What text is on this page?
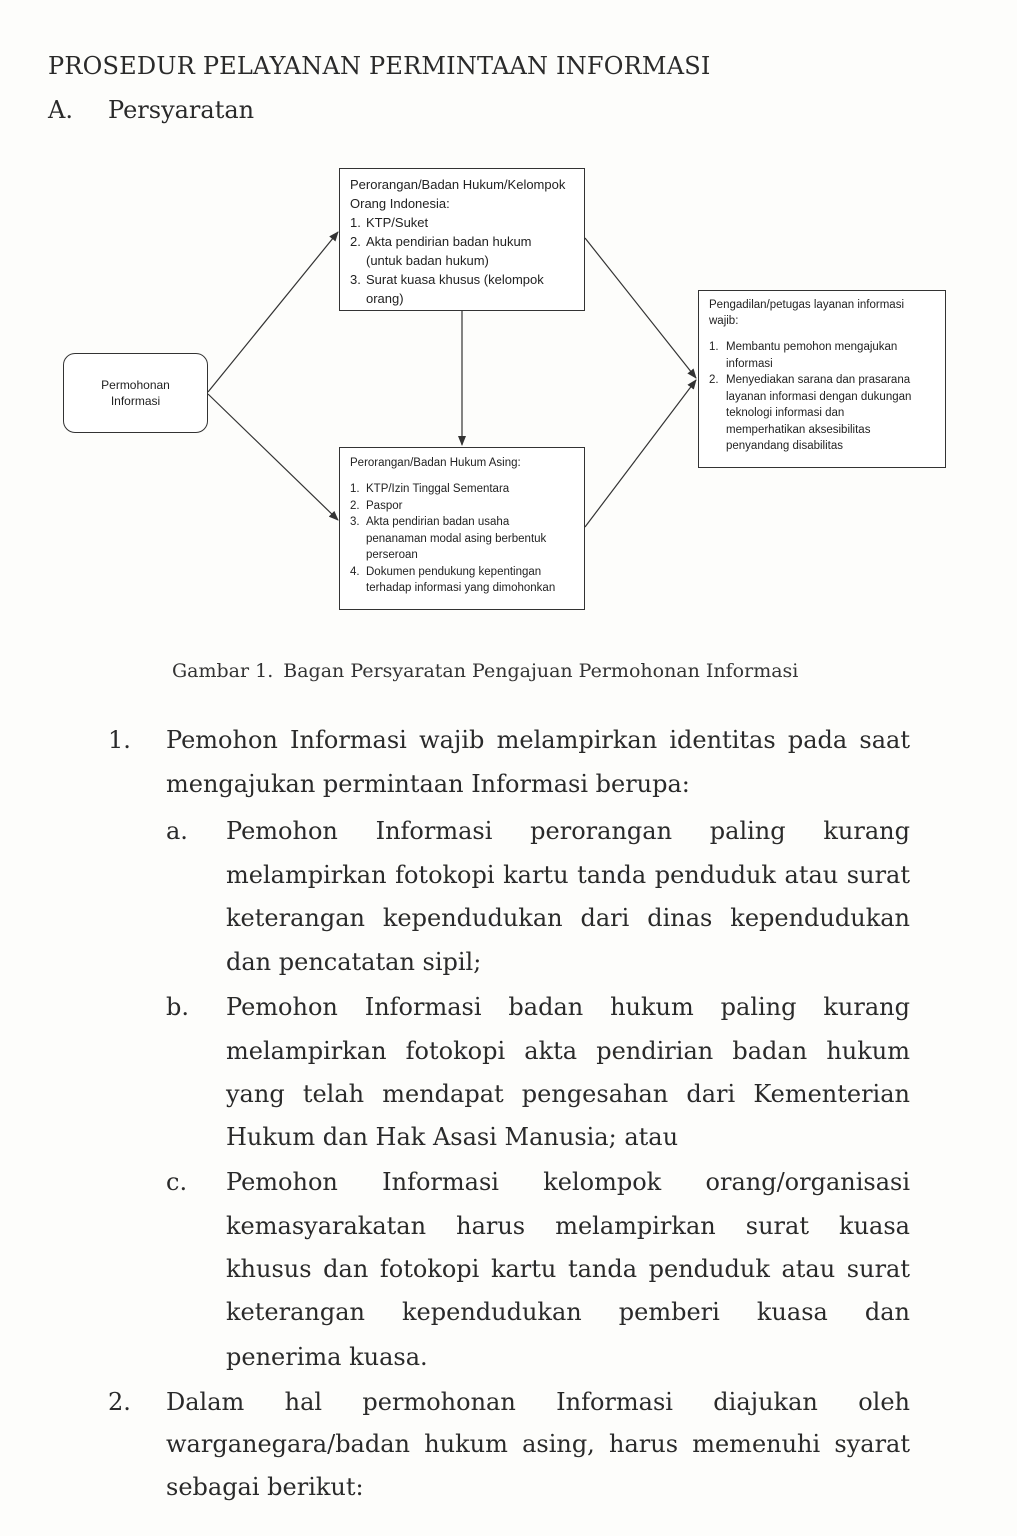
PROSEDUR PELAYANAN PERMINTAAN INFORMASI
A. Persyaratan
Permohonan
Informasi
Perorangan/Badan Hukum/Kelompok
Orang Indonesia:
1. KTP/Suket
2. Akta pendirian badan hukum
(untuk badan hukum)
3. Surat kuasa khusus (kelompok
orang)
Perorangan/Badan Hukum Asing:
1. KTP/Izin Tinggal Sementara
2. Paspor
3. Akta pendirian badan usaha
penanaman modal asing berbentuk
perseroan
4. Dokumen pendukung kepentingan
terhadap informasi yang dimohonkan
Pengadilan/petugas layanan informasi
wajib:
1. Membantu pemohon mengajukan
informasi
2. Menyediakan sarana dan prasarana
layanan informasi dengan dukungan
teknologi informasi dan
memperhatikan aksesibilitas
penyandang disabilitas
Gambar 1. Bagan Persyaratan Pengajuan Permohonan Informasi
1. Pemohon Informasi wajib melampirkan identitas pada saat
mengajukan permintaan Informasi berupa:
a. Pemohon Informasi perorangan paling kurang
melampirkan fotokopi kartu tanda penduduk atau surat
keterangan kependudukan dari dinas kependudukan
dan pencatatan sipil;
b. Pemohon Informasi badan hukum paling kurang
melampirkan fotokopi akta pendirian badan hukum
yang telah mendapat pengesahan dari Kementerian
Hukum dan Hak Asasi Manusia; atau
c. Pemohon Informasi kelompok orang/organisasi
kemasyarakatan harus melampirkan surat kuasa
khusus dan fotokopi kartu tanda penduduk atau surat
keterangan kependudukan pemberi kuasa dan
penerima kuasa.
2. Dalam hal permohonan Informasi diajukan oleh
warganegara/badan hukum asing, harus memenuhi syarat
sebagai berikut:
